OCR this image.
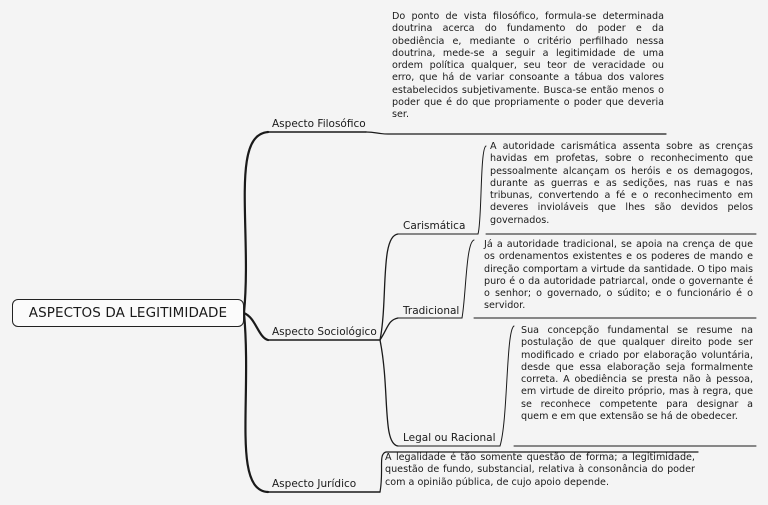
ASPECTOS DA LEGITIMIDADE
Aspecto Filosófico
Aspecto Sociológico
Aspecto Jurídico
Carismática
Tradicional
Legal ou Racional

Do ponto de vista filosófico, formula-se determinada doutrina acerca do fundamento do poder e da obediência e, mediante o critério perfilhado nessa doutrina, mede-se a seguir a legitimidade de uma ordem política qualquer, seu teor de veracidade ou erro, que há de variar consoante a tábua dos valores estabelecidos subjetivamente. Busca-se então menos o poder que é do que propriamente o poder que deveria ser.

A autoridade carismática assenta sobre as crenças havidas em profetas, sobre o reconhecimento que pessoalmente alcançam os heróis e os demagogos, durante as guerras e as sedições, nas ruas e nas tribunas, convertendo a fé e o reconhecimento em deveres invioláveis que lhes são devidos pelos governados.

Já a autoridade tradicional, se apoia na crença de que os ordenamentos existentes e os poderes de mando e direção comportam a virtude da santidade. O tipo mais puro é o da autoridade patriarcal, onde o governante é o senhor; o governado, o súdito; e o funcionário é o servidor.

Sua concepção fundamental se resume na postulação de que qualquer direito pode ser modificado e criado por elaboração voluntária, desde que essa elaboração seja formalmente correta. A obediência se presta não à pessoa, em virtude de direito próprio, mas à regra, que se reconhece competente para designar a quem e em que extensão se há de obedecer.

A legalidade é tão somente questão de forma; a legitimidade, questão de fundo, substancial, relativa à consonância do poder com a opinião pública, de cujo apoio depende.
